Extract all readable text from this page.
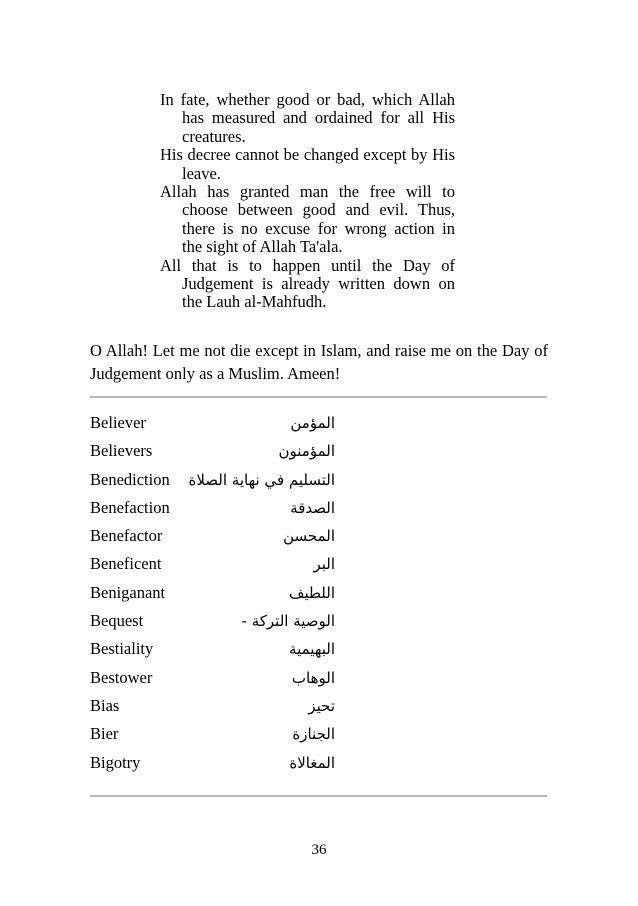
In fate, whether good or bad, which Allah has measured and ordained for all His creatures.

His decree cannot be changed except by His leave.

Allah has granted man the free will to choose between good and evil. Thus, there is no excuse for wrong action in the sight of Allah Ta'ala.

All that is to happen until the Day of Judgement is already written down on the Lauh al-Mahfudh.

O Allah! Let me not die except in Islam, and raise me on the Day of Judgement only as a Muslim. Ameen!

Believer	المؤمن
Believers	المؤمنون
Benediction التسليم في نهاية الصلاة
Benefaction	الصدقة
Benefactor	المحسن
Beneficent	البر
Beniganant	اللطيف
Bequest	الوصية التركة -
Bestiality	البهيمية
Bestower	الوهاب
Bias	تحيز
Bier	الجنازة
Bigotry	المغالاة
36
